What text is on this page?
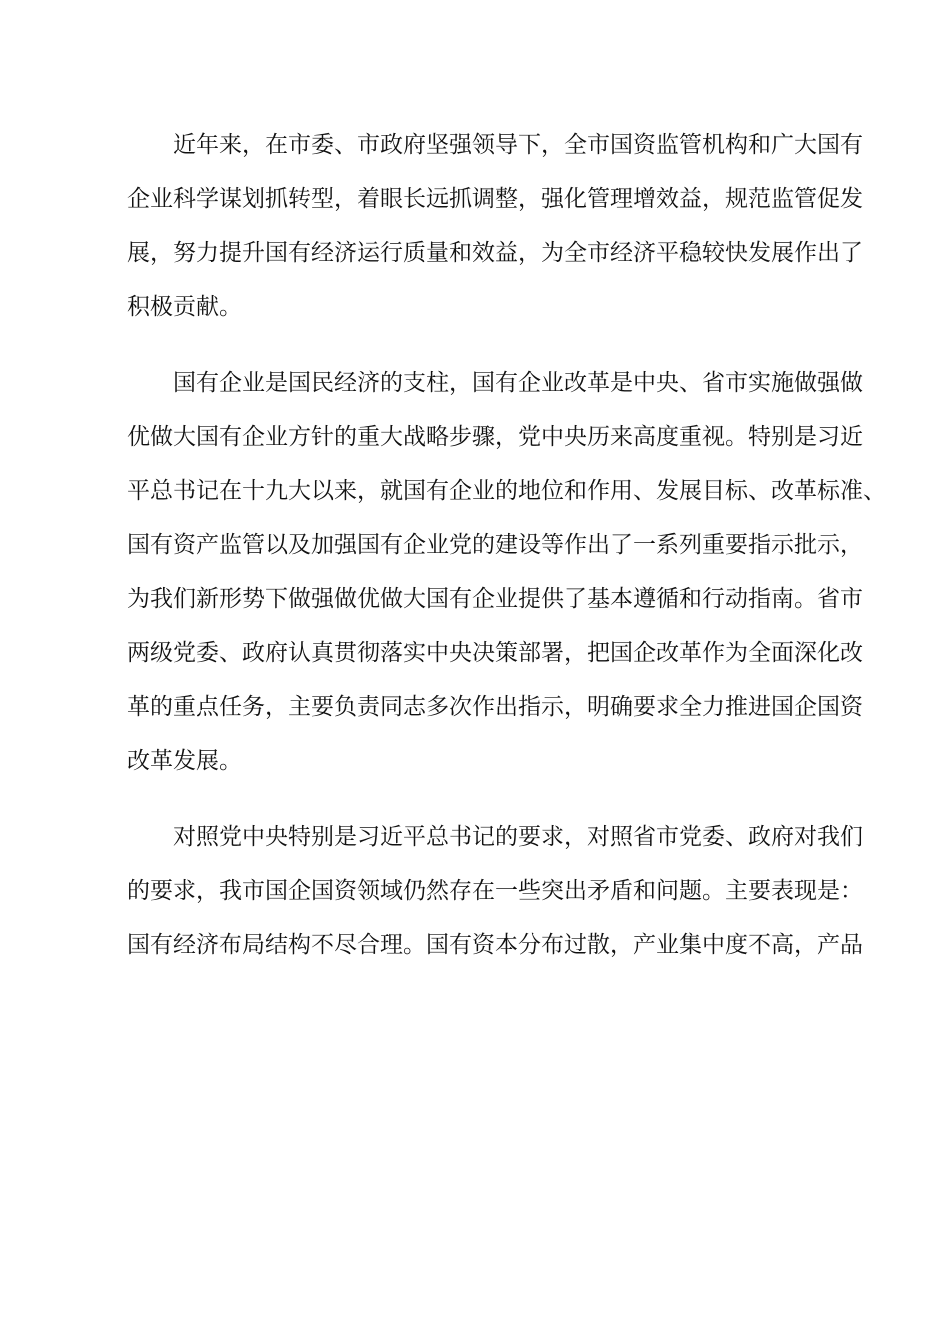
近年来，在市委、市政府坚强领导下，全市国资监管机构和广大国有
企业科学谋划抓转型，着眼长远抓调整，强化管理增效益，规范监管促发
展，努力提升国有经济运行质量和效益，为全市经济平稳较快发展作出了
积极贡献。
国有企业是国民经济的支柱，国有企业改革是中央、省市实施做强做
优做大国有企业方针的重大战略步骤，党中央历来高度重视。特别是习近
平总书记在十九大以来，就国有企业的地位和作用、发展目标、改革标准、
国有资产监管以及加强国有企业党的建设等作出了一系列重要指示批示，
为我们新形势下做强做优做大国有企业提供了基本遵循和行动指南。省市
两级党委、政府认真贯彻落实中央决策部署，把国企改革作为全面深化改
革的重点任务，主要负责同志多次作出指示，明确要求全力推进国企国资
改革发展。
对照党中央特别是习近平总书记的要求，对照省市党委、政府对我们
的要求，我市国企国资领域仍然存在一些突出矛盾和问题。主要表现是：
国有经济布局结构不尽合理。国有资本分布过散，产业集中度不高，产品
